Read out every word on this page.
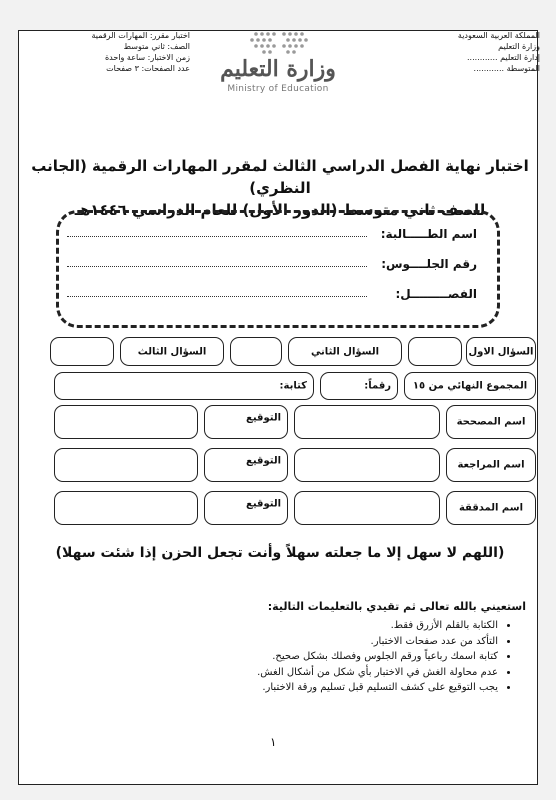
المملكة العربية السعودية
وزارة التعليم
إدارة التعليم ............
المتوسطة ............
وزارة التعليم
Ministry of Education
اختبار مقرر: المهارات الرقمية
الصف: ثاني متوسط
زمن الاختبار: ساعة واحدة
عدد الصفحات: ٣ صفحات
اختبار نهاية الفصل الدراسي الثالث لمقرر المهارات الرقمية (الجانب النظري)
للصف ثاني متوسط (الدور الأول) للعام الدراسي ١٤٤٦هـ
اسم الطـــــالبة:
رقم الجلــــوس:
الفصـــــــــل:
السؤال الاول
السؤال الثاني
السؤال الثالث
المجموع النهائي من ١٥
رقماً:
كتابة:
اسم المصححة
التوقيع
اسم المراجعة
التوقيع
اسم المدققة
التوقيع
(اللهم لا سهل إلا ما جعلته سهلاً وأنت تجعل الحزن إذا شئت سهلا)
استعيني بالله تعالى ثم تقيدي بالتعليمات التالية:
• الكتابة بالقلم الأزرق فقط.
• التأكد من عدد صفحات الاختبار.
• كتابة اسمك رباعياً ورقم الجلوس وفصلك بشكل صحيح.
• عدم محاولة الغش في الاختبار بأي شكل من أشكال الغش.
• يجب التوقيع على كشف التسليم قبل تسليم ورقة الاختبار.
١
